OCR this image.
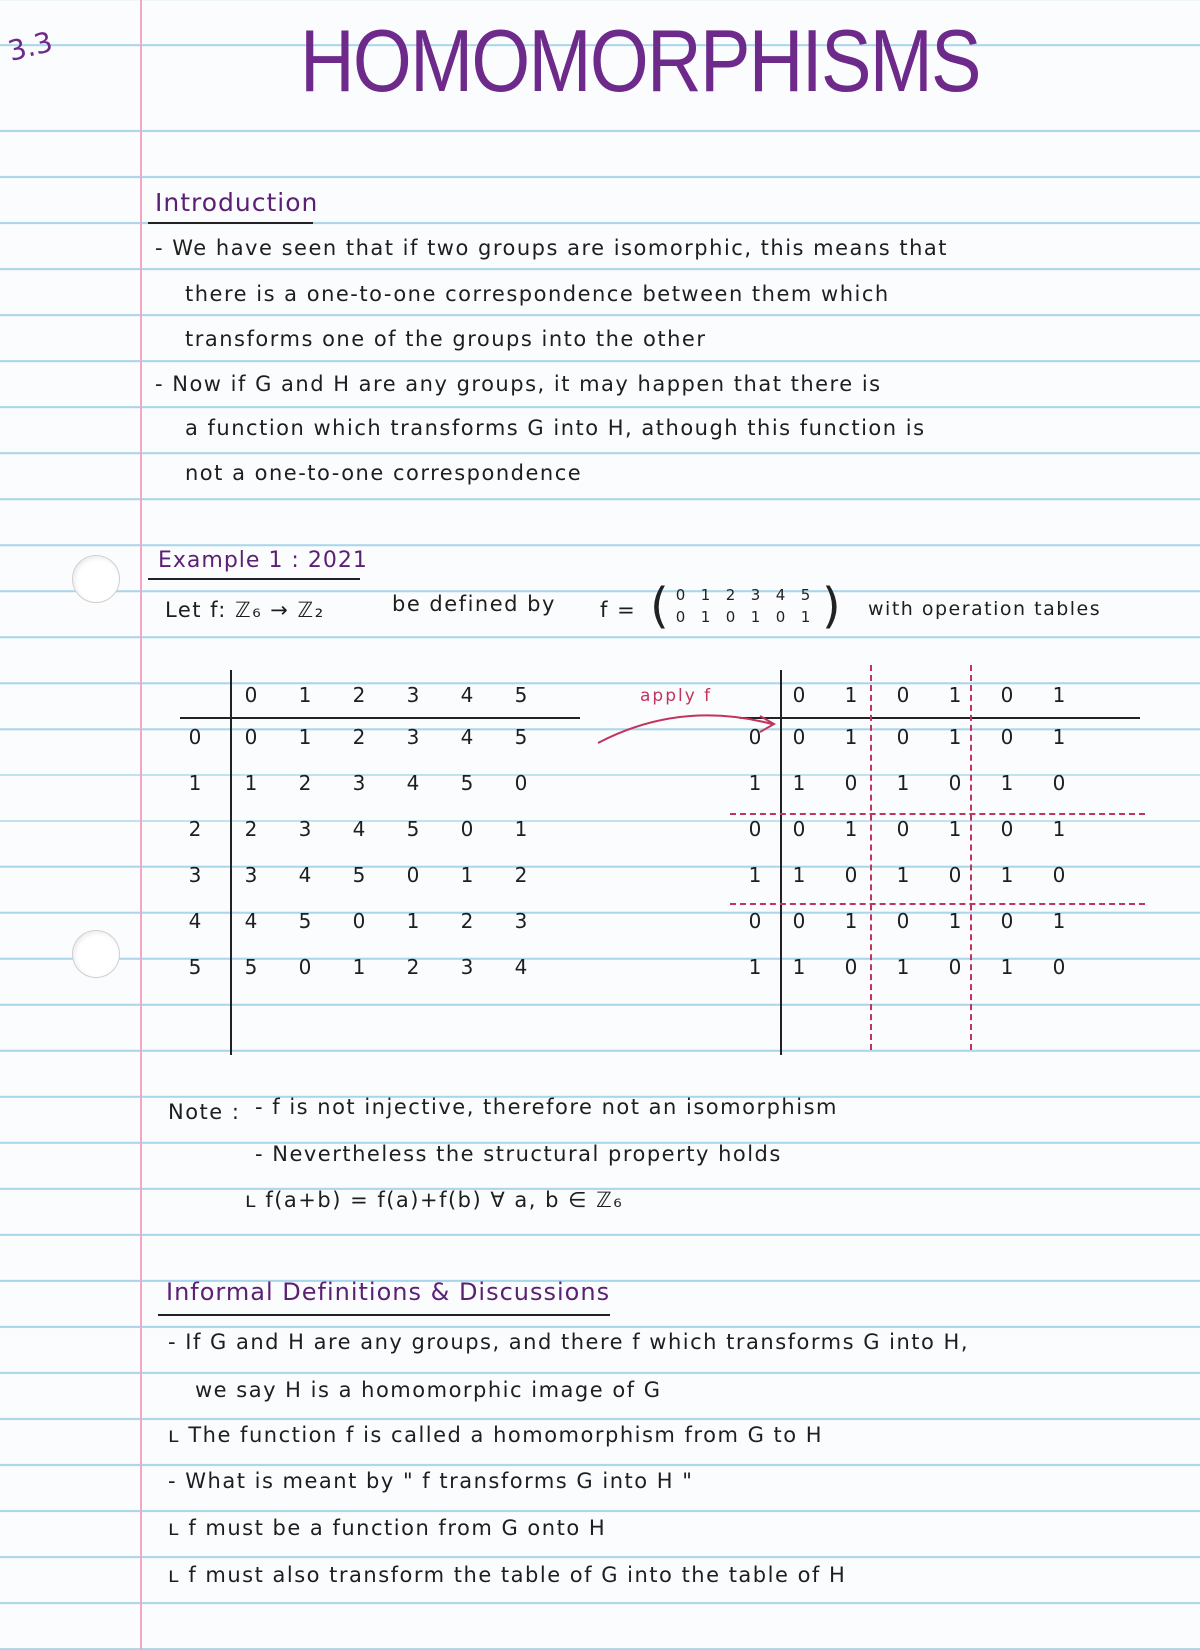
3.3	HOMOMORPHISMS
Introduction
- We have seen that if two groups are isomorphic, this means that
there is a one-to-one correspondence between them which
transforms one of the groups into the other
- Now if G and H are any groups, it may happen that there is
a function which transforms G into H, athough this function is
not a one-to-one correspondence
Example 1 : 2021
Let f: ℤ₆ → ℤ₂	be defined by f = ( 0	1	2	3	4	5
0	1	0	1	0	1 ) with operation tables
0	1	2	3	4	5
0	0	1	2	3	4	5
1	1	2	3	4	5	0
2	2	3	4	5	0	1
3	3	4	5	0	1	2
4	4	5	0	1	2	3
5	5	0	1	2	3	4
0	1	0	1	0	1
0	0	1	0	1	0	1
1	1	0	1	0	1	0
0	0	1	0	1	0	1
1	1	0	1	0	1	0
0	0	1	0	1	0	1
1	1	0	1	0	1	0
apply f
Note : - f is not injective, therefore not an isomorphism
- Nevertheless the structural property holds
ʟ f(a+b) = f(a)+f(b) ∀ a, b ∈ ℤ₆
Informal Definitions & Discussions
- If G and H are any groups, and there f which transforms G into H,
we say H is a homomorphic image of G
ʟ The function f is called a homomorphism from G to H
- What is meant by " f transforms G into H "
ʟ f must be a function from G onto H
ʟ f must also transform the table of G into the table of H
